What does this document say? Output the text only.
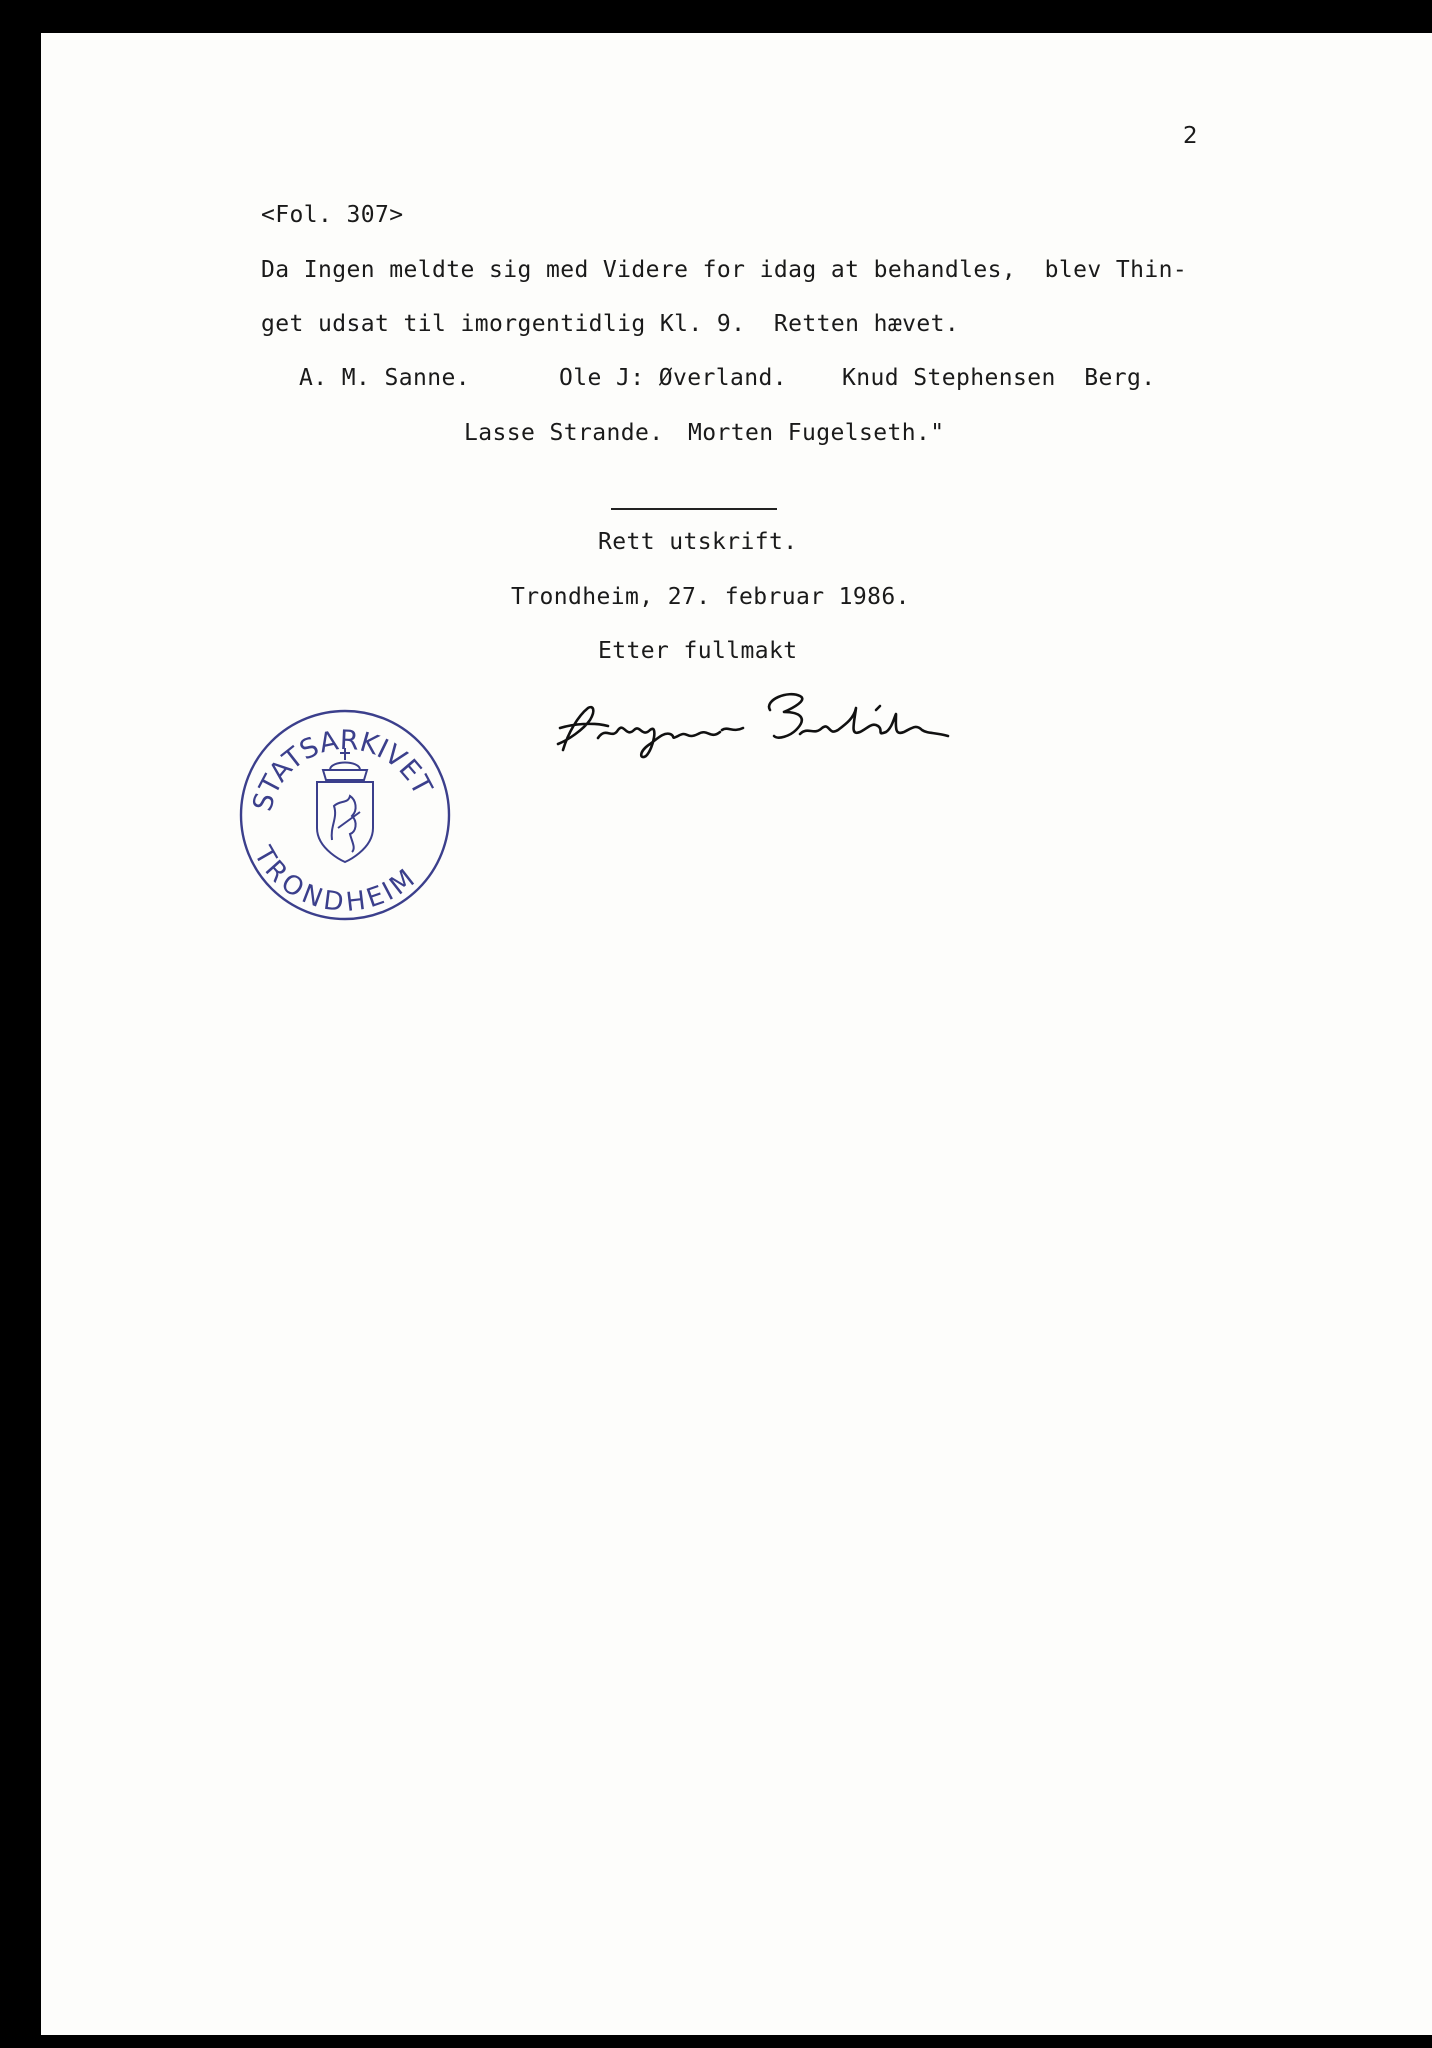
2
<Fol. 307>
Da Ingen meldte sig med Videre for idag at behandles,  blev Thin-
get udsat til imorgentidlig Kl. 9.  Retten hævet.

A. M. Sanne.

	Ole J: Øverland.

Knud Stephensen  Berg.

Lasse Strande.

Morten Fugelseth."

Rett utskrift.
Trondheim, 27. februar 1986.
Etter fullmakt
STATSARKIVET
TRONDHEIM
